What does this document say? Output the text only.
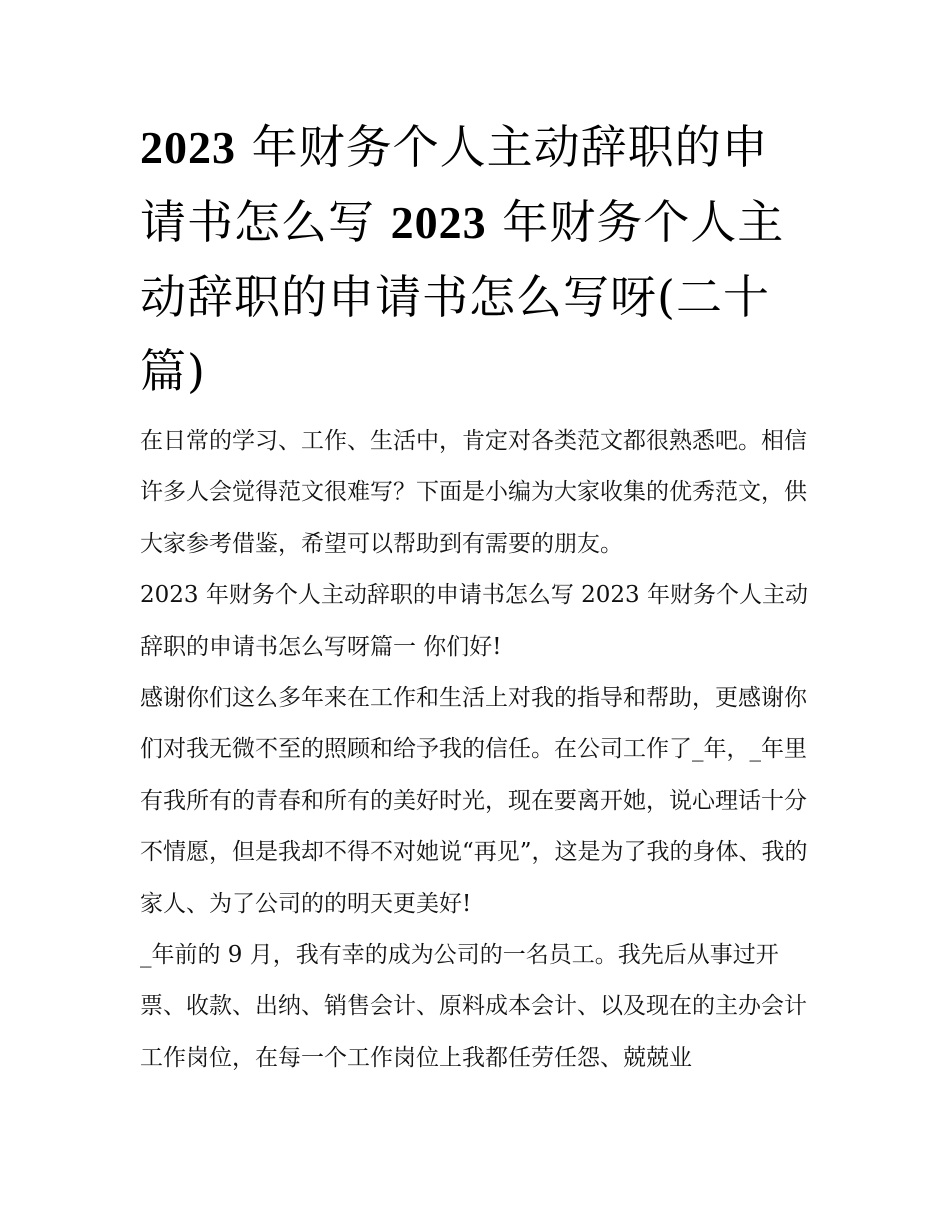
2023 年财务个人主动辞职的申请书怎么写 2023 年财务个人主动辞职的申请书怎么写呀(二十篇)

在日常的学习、工作、生活中，肯定对各类范文都很熟悉吧。相信许多人会觉得范文很难写？下面是小编为大家收集的优秀范文，供大家参考借鉴，希望可以帮助到有需要的朋友。

2023 年财务个人主动辞职的申请书怎么写 2023 年财务个人主动辞职的申请书怎么写呀篇一 你们好!

感谢你们这么多年来在工作和生活上对我的指导和帮助，更感谢你们对我无微不至的照顾和给予我的信任。在公司工作了_年，_年里有我所有的青春和所有的美好时光，现在要离开她，说心理话十分不情愿，但是我却不得不对她说“再见”，这是为了我的身体、我的家人、为了公司的的明天更美好!

_年前的 9 月，我有幸的成为公司的一名员工。我先后从事过开票、收款、出纳、销售会计、原料成本会计、以及现在的主办会计工作岗位，在每一个工作岗位上我都任劳任怨、兢兢业
